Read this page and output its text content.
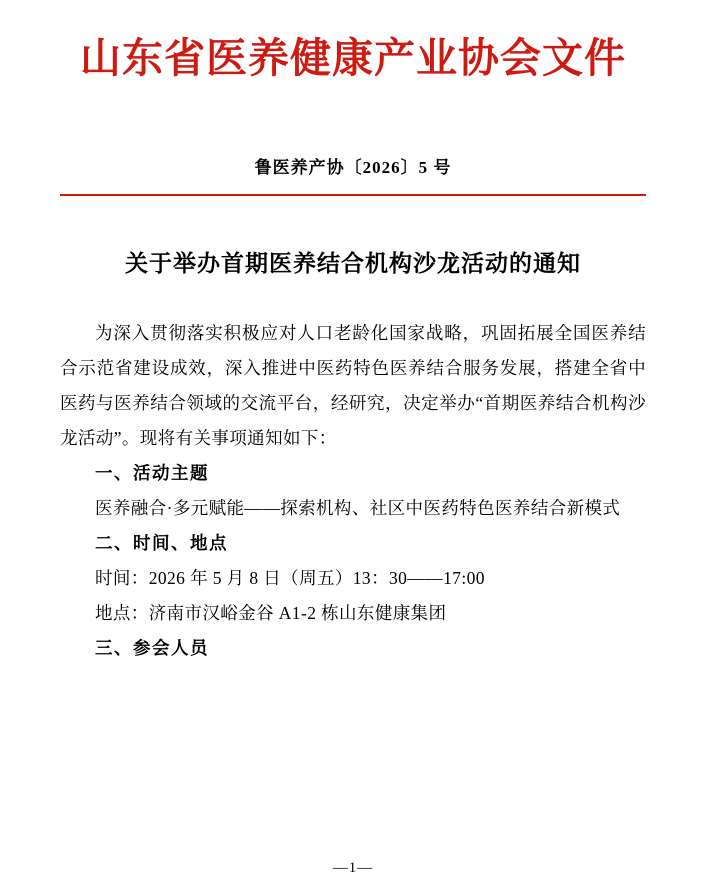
山东省医养健康产业协会文件
鲁医养产协〔2026〕5 号
关于举办首期医养结合机构沙龙活动的通知

为深入贯彻落实积极应对人口老龄化国家战略，巩固拓展全国医养结合示范省建设成效，深入推进中医药特色医养结合服务发展，搭建全省中医药与医养结合领域的交流平台，经研究，决定举办“首期医养结合机构沙龙活动”。现将有关事项通知如下：

一、活动主题

医养融合·多元赋能——探索机构、社区中医药特色医养结合新模式

二、时间、地点

时间：2026 年 5 月 8 日（周五）13：30——17:00

地点：济南市汉峪金谷 A1-2 栋山东健康集团

三、参会人员

—1—
